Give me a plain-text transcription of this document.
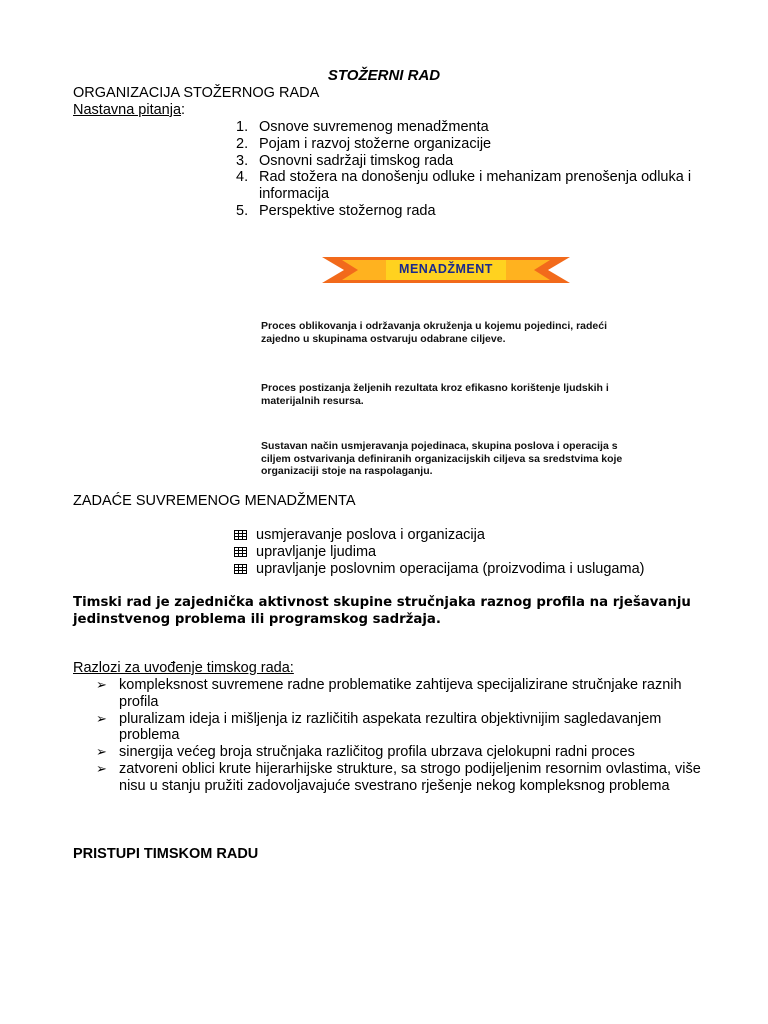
STOŽERNI RAD
ORGANIZACIJA STOŽERNOG RADA
Nastavna pitanja:
1. Osnove suvremenog menadžmenta
2. Pojam i razvoj stožerne organizacije
3. Osnovni sadržaji timskog rada
4. Rad stožera na donošenju odluke i mehanizam prenošenja odluka i informacija
5. Perspektive stožernog rada
MENADŽMENT
Proces oblikovanja i održavanja okruženja u kojemu pojedinci, radeći zajedno u skupinama ostvaruju odabrane ciljeve.
Proces postizanja željenih rezultata kroz efikasno korištenje ljudskih i materijalnih resursa.
Sustavan način usmjeravanja pojedinaca, skupina poslova i operacija s ciljem ostvarivanja definiranih organizacijskih ciljeva sa sredstvima koje organizaciji stoje na raspolaganju.
ZADAĆE SUVREMENOG MENADŽMENTA
usmjeravanje poslova i organizacija
upravljanje ljudima
upravljanje poslovnim operacijama (proizvodima i uslugama)
Timski rad je zajednička aktivnost skupine stručnjaka raznog profila na rješavanju jedinstvenog problema ili programskog sadržaja.
Razlozi za uvođenje timskog rada:
➢ kompleksnost suvremene radne problematike zahtijeva specijalizirane stručnjake raznih profila
➢ pluralizam ideja i mišljenja iz različitih aspekata rezultira objektivnijim sagledavanjem problema
➢ sinergija većeg broja stručnjaka različitog profila ubrzava cjelokupni radni proces
➢ zatvoreni oblici krute hijerarhijske strukture, sa strogo podijeljenim resornim ovlastima, više nisu u stanju pružiti zadovoljavajuće svestrano rješenje nekog kompleksnog problema
PRISTUPI TIMSKOM RADU
